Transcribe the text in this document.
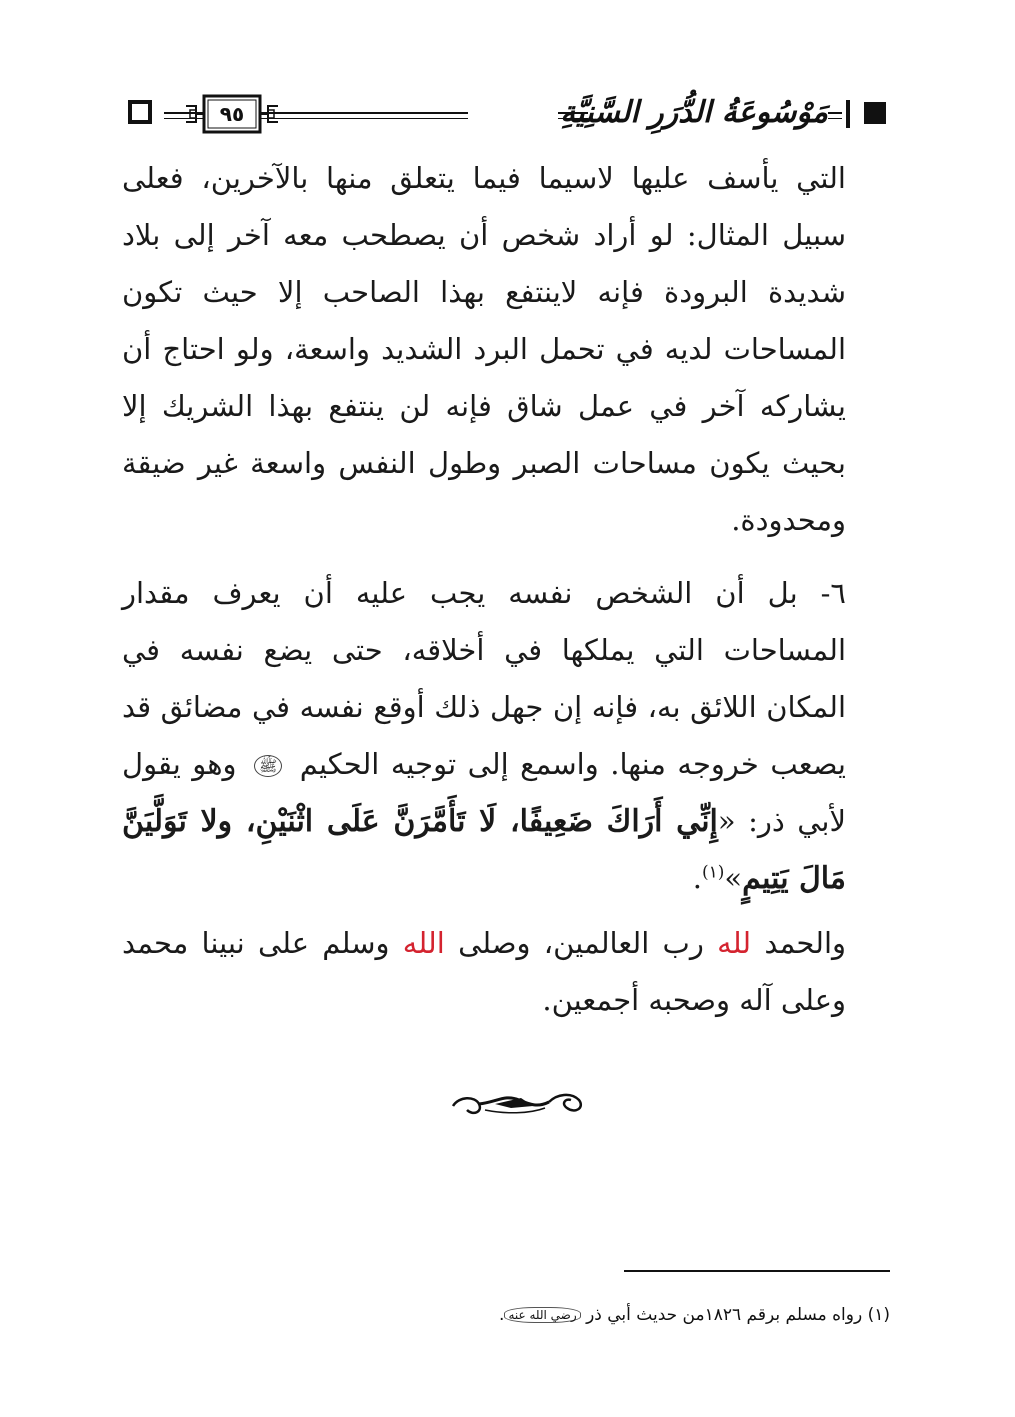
٩٥	مَوْسُوعَةُ الدُّرَرِ السَّنِيَّةِ

التي يأسف عليها لاسيما فيما يتعلق منها بالآخرين، فعلى سبيل المثال: لو أراد شخص أن يصطحب معه آخر إلى بلاد شديدة البرودة فإنه لاينتفع بهذا الصاحب إلا حيث تكون المساحات لديه في تحمل البرد الشديد واسعة، ولو احتاج أن يشاركه آخر في عمل شاق فإنه لن ينتفع بهذا الشريك إلا بحيث يكون مساحات الصبر وطول النفس واسعة غير ضيقة ومحدودة.

٦- بل أن الشخص نفسه يجب عليه أن يعرف مقدار المساحات التي يملكها في أخلاقه، حتى يضع نفسه في المكان اللائق به، فإنه إن جهل ذلك أوقع نفسه في مضائق قد يصعب خروجه منها. واسمع إلى توجيه الحكيم ﷺ وهو يقول لأبي ذر: «إِنِّي أَرَاكَ ضَعِيفًا، لَا تَأَمَّرَنَّ عَلَى اثْنَيْنِ، ولا تَوَلَّيَنَّ مَالَ يَتِيمٍ»$^{(١)}$.

والحمد لله رب العالمين، وصلى الله وسلم على نبينا محمد وعلى آله وصحبه أجمعين.

(١) رواه مسلم برقم ١٨٢٦من حديث أبي ذر رضي الله عنه.
